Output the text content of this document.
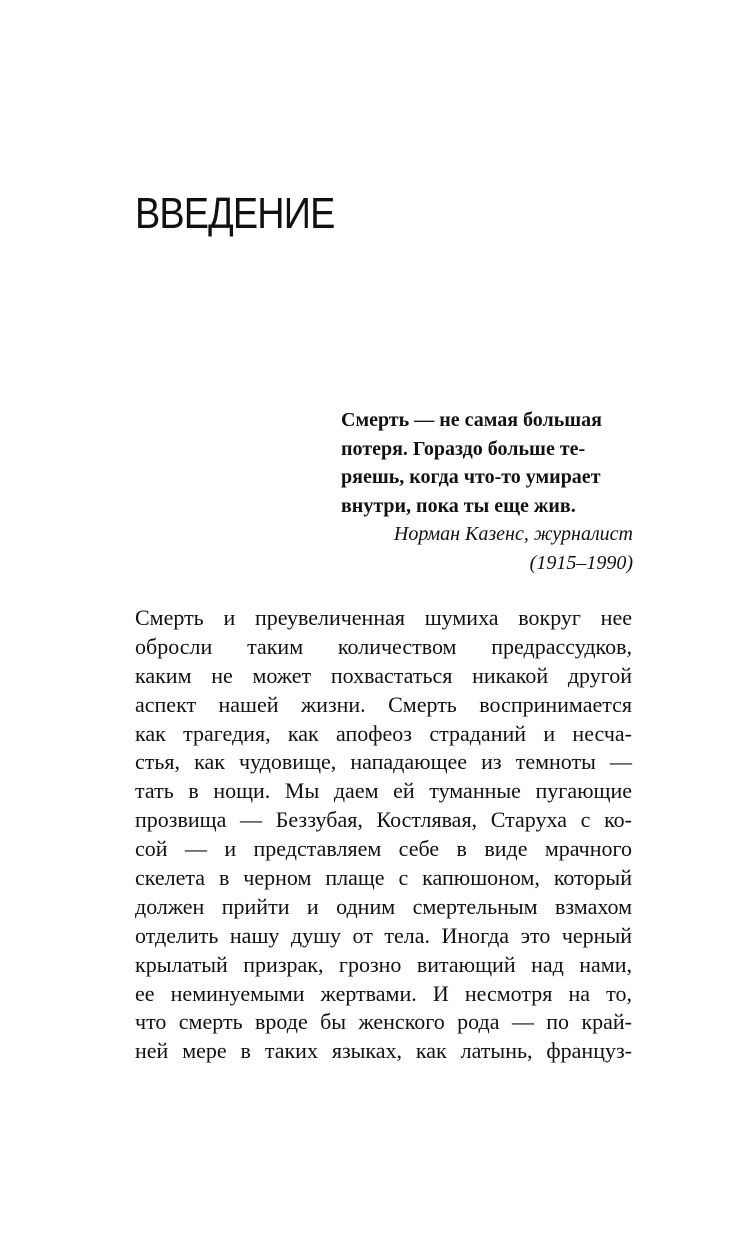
ВВЕДЕНИЕ

Смерть — не самая большая
потеря. Гораздо больше те-
ряешь, когда что-то умирает
внутри, пока ты еще жив.

Норман Казенс, журналист
(1915–1990)

Смерть и преувеличенная шумиха вокруг нее
обросли таким количеством предрассудков,
каким не может похвастаться никакой другой
аспект нашей жизни. Смерть воспринимается
как трагедия, как апофеоз страданий и несча-
стья, как чудовище, нападающее из темноты —
тать в нощи. Мы даем ей туманные пугающие
прозвища — Беззубая, Костлявая, Старуха с ко-
сой — и представляем себе в виде мрачного
скелета в черном плаще с капюшоном, который
должен прийти и одним смертельным взмахом
отделить нашу душу от тела. Иногда это черный
крылатый призрак, грозно витающий над нами,
ее неминуемыми жертвами. И несмотря на то,
что смерть вроде бы женского рода — по край-
ней мере в таких языках, как латынь, француз-
